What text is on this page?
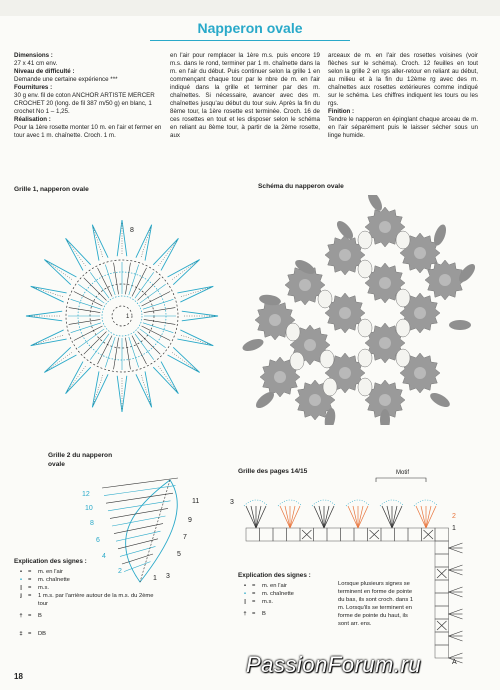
Napperon ovale

Dimensions :

27 x 41 cm env.

Niveau de difficulté :

Demande une certaine expérience ***

Fournitures :

30 g env. fil de coton ANCHOR ARTISTE MERCER CROCHET 20 (long. de fil 387 m/50 g) en blanc, 1 crochet No 1 – 1,25.

Réalisation :

Pour la 1ère rosette monter 10 m. en l'air et fermer en tour avec 1 m. chaînette. Croch. 1 m.

en l'air pour remplacer la 1ère m.s. puis encore 19 m.s. dans le rond, terminer par 1 m. chaînette dans la m. en l'air du début. Puis continuer selon la grille 1 en commençant chaque tour par le nbre de m. en l'air indiqué dans la grille et terminer par des m. chaînettes. Si nécessaire, avancer avec des m. chaînettes jusqu'au début du tour suiv. Après la fin du 8ème tour, la 1ère rosette est terminée. Croch. 16 de ces rosettes en tout et les disposer selon le schéma en reliant au 8ème tour, à partir de la 2ème rosette, aux

arceaux de m. en l'air des rosettes voisines (voir flèches sur le schéma). Croch. 12 feuilles en tout selon la grille 2 en rgs aller-retour en reliant au début, au milieu et à la fin du 12ème rg avec des m. chaînettes aux rosettes extérieures comme indiqué sur le schéma. Les chiffres indiquent les tours ou les rgs.

Finition :

Tendre le napperon en épinglant chaque arceau de m. en l'air séparément puis le laisser sécher sous un linge humide.

Grille 1, napperon ovale	Schéma du napperon ovale
Grille 2 du napperon
ovale
Grille des pages 14/15	Motif
8
1
12
10
8
6
4
2
11
9
7
5
3
1
Explication des signes :
•	=	m. en l'air
•	=	m. chaînette
|	=	m.s.
j	=	1 m.s. par l'arrière autour de la m.s. du 2ème tour
† =	B
‡ =	DB
3
2
1
A
Explication des signes :
•	=	m. en l'air
•	=	m. chaînette
|	=	m.s.
† =	B
Lorsque plusieurs signes se terminent en forme de pointe du bas, ils sont croch. dans 1 m. Lorsqu'ils se terminent en forme de pointe du haut, ils sont arr. ens.
18	PassionForum.ru
